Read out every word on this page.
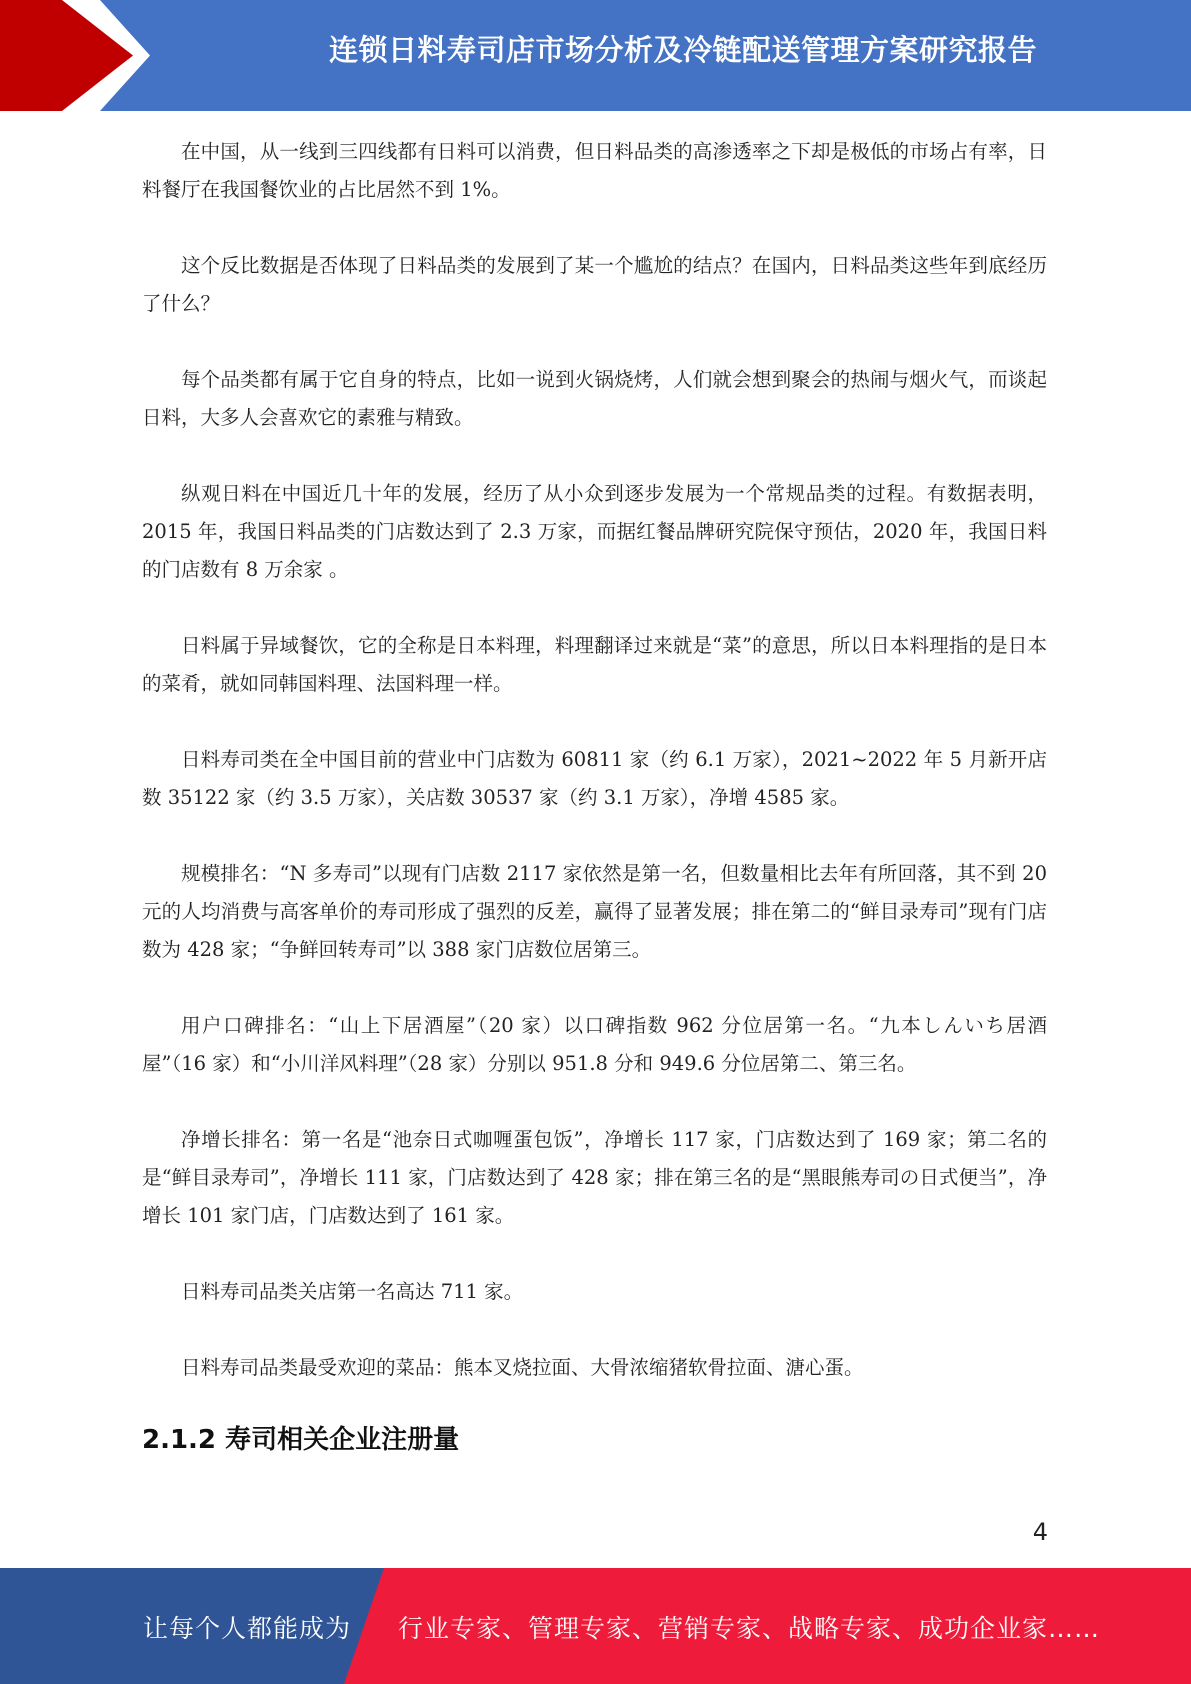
连锁日料寿司店市场分析及冷链配送管理方案研究报告

在中国，从一线到三四线都有日料可以消费，但日料品类的高渗透率之下却是极低的市场占有率，日料餐厅在我国餐饮业的占比居然不到 1%。

这个反比数据是否体现了日料品类的发展到了某一个尴尬的结点？在国内，日料品类这些年到底经历了什么？

每个品类都有属于它自身的特点，比如一说到火锅烧烤，人们就会想到聚会的热闹与烟火气，而谈起日料，大多人会喜欢它的素雅与精致。

纵观日料在中国近几十年的发展，经历了从小众到逐步发展为一个常规品类的过程。有数据表明，2015 年，我国日料品类的门店数达到了 2.3 万家，而据红餐品牌研究院保守预估，2020 年，我国日料的门店数有 8 万余家 。

日料属于异域餐饮，它的全称是日本料理，料理翻译过来就是“菜”的意思，所以日本料理指的是日本的菜肴，就如同韩国料理、法国料理一样。

日料寿司类在全中国目前的营业中门店数为 60811 家（约 6.1 万家），2021~2022 年 5 月新开店数 35122 家（约 3.5 万家），关店数 30537 家（约 3.1 万家），净增 4585 家。

规模排名：“N 多寿司”以现有门店数 2117 家依然是第一名，但数量相比去年有所回落，其不到 20 元的人均消费与高客单价的寿司形成了强烈的反差，赢得了显著发展；排在第二的“鲜目录寿司”现有门店数为 428 家；“争鲜回转寿司”以 388 家门店数位居第三。

用户口碑排名：“山上下居酒屋”（20 家）以口碑指数 962 分位居第一名。“九本しんいち居酒屋”（16 家）和“小川洋风料理”（28 家）分别以 951.8 分和 949.6 分位居第二、第三名。

净增长排名：第一名是“池奈日式咖喱蛋包饭”，净增长 117 家，门店数达到了 169 家；第二名的是“鲜目录寿司”，净增长 111 家，门店数达到了 428 家；排在第三名的是“黑眼熊寿司の日式便当”，净增长 101 家门店，门店数达到了 161 家。

日料寿司品类关店第一名高达 711 家。

日料寿司品类最受欢迎的菜品：熊本叉烧拉面、大骨浓缩猪软骨拉面、溏心蛋。

2.1.2 寿司相关企业注册量
4
让每个人都能成为 行业专家、管理专家、营销专家、战略专家、成功企业家……
